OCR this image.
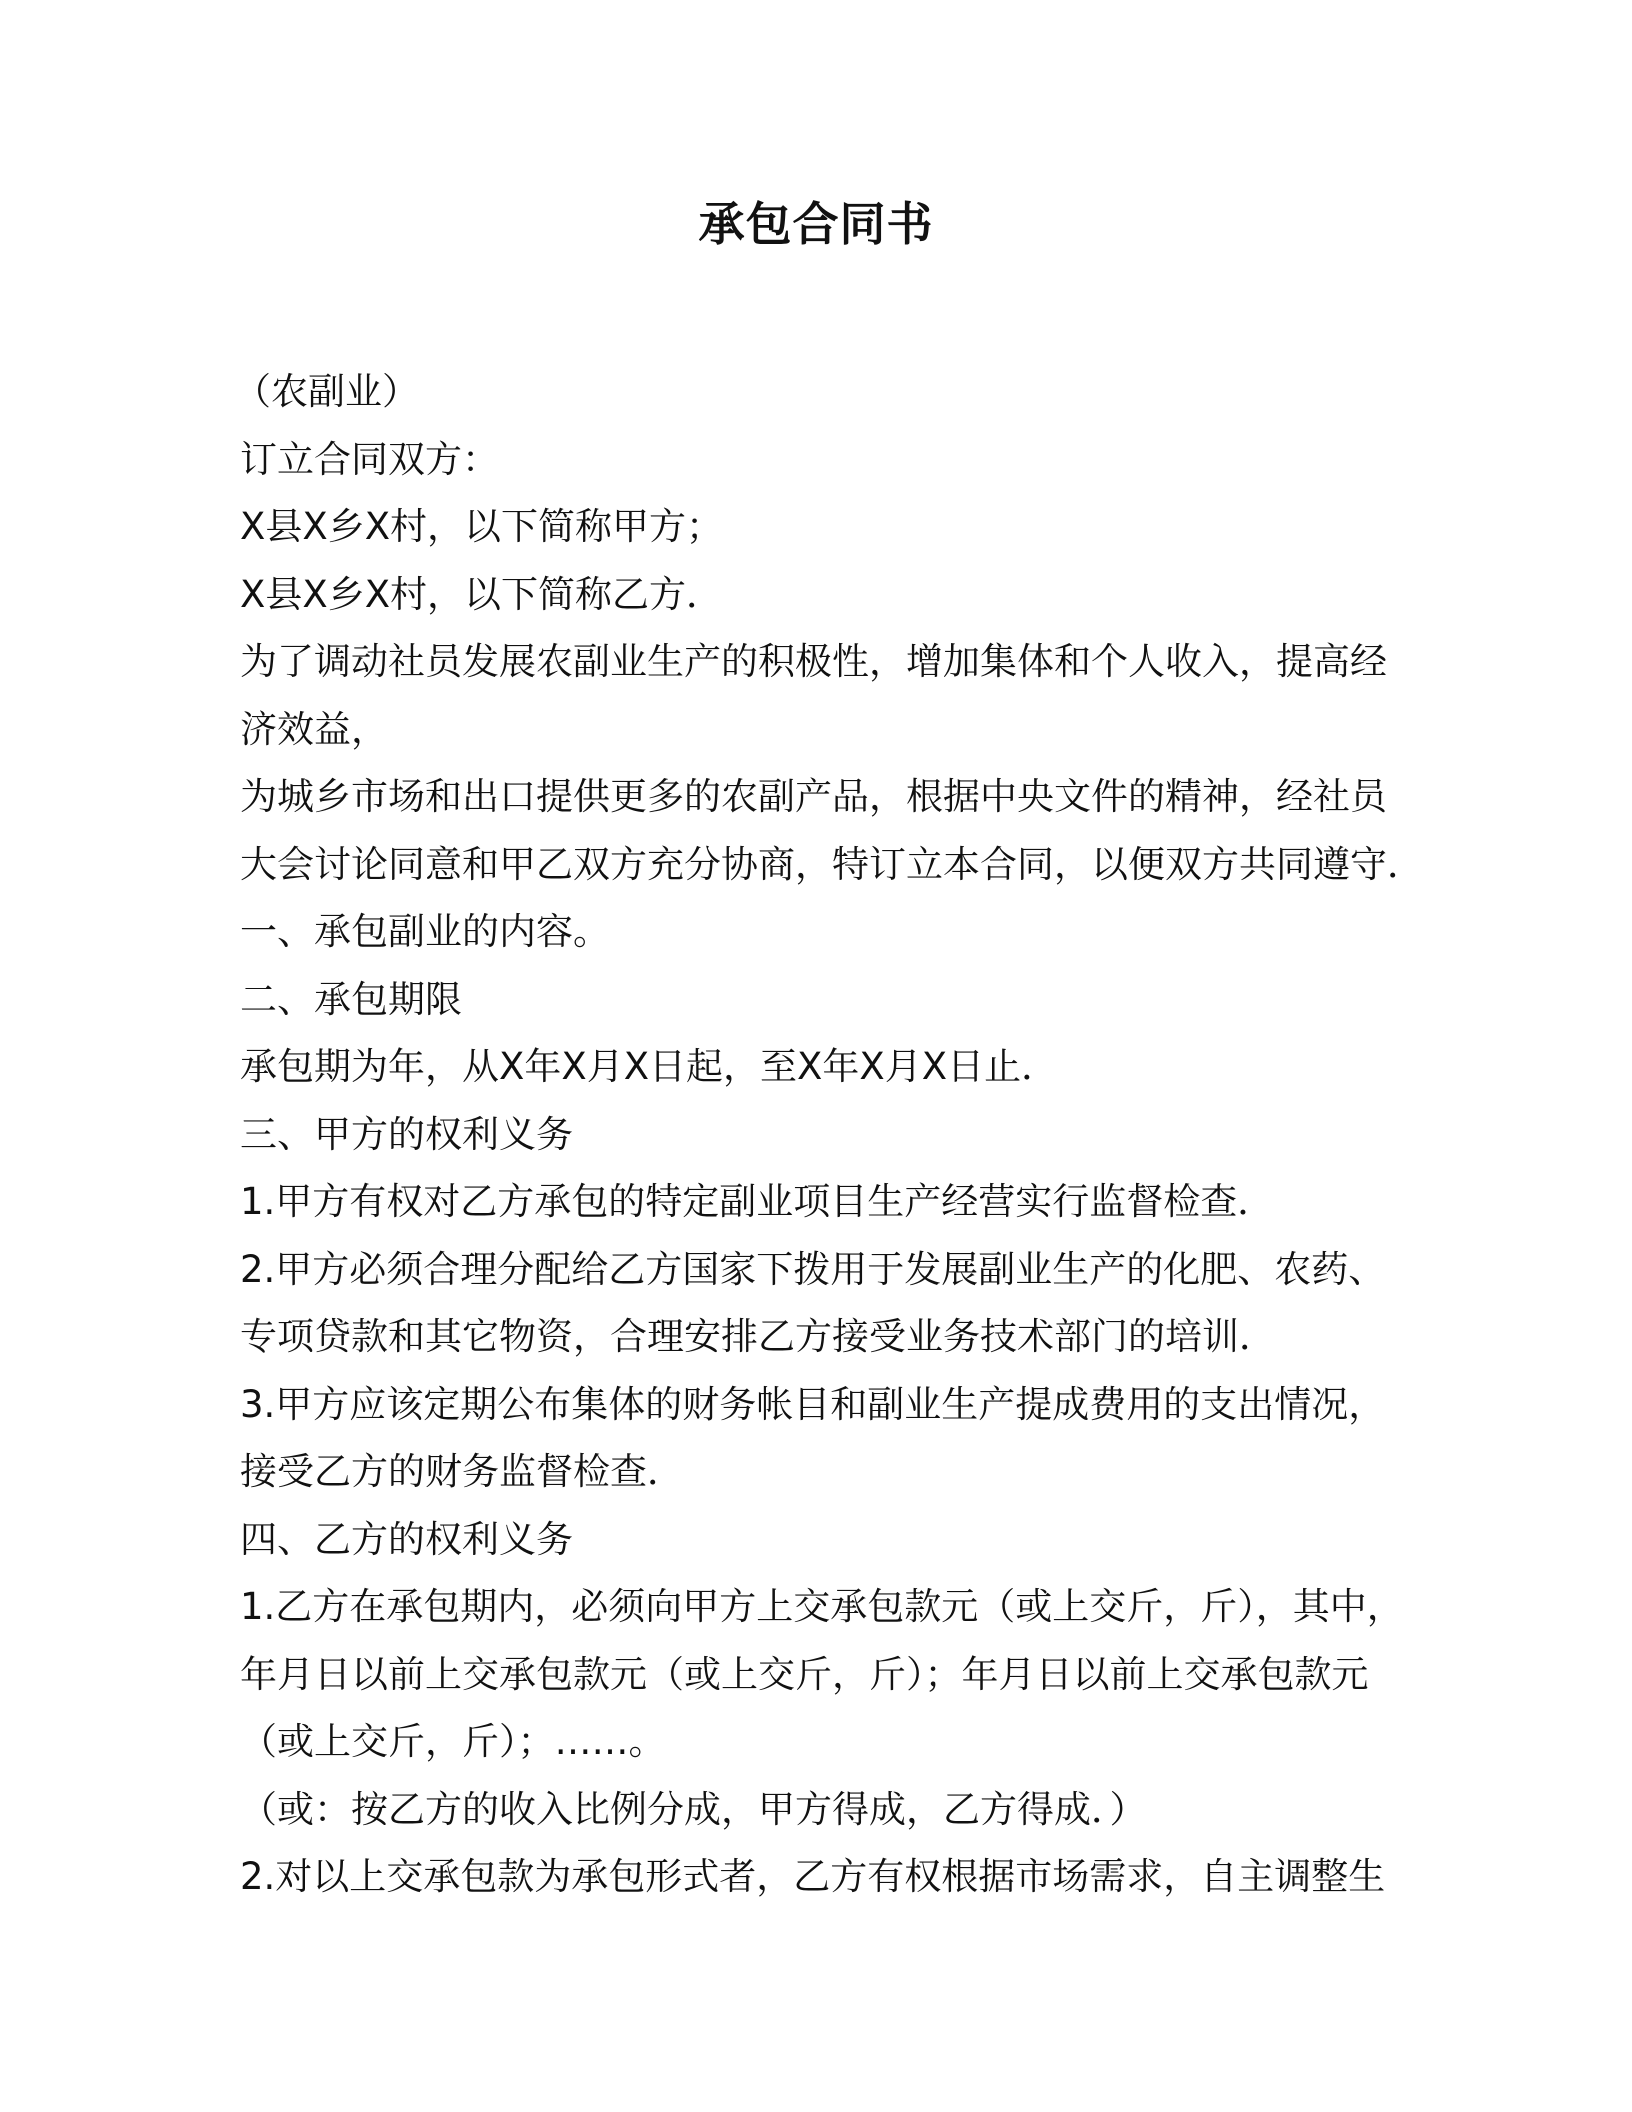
承包合同书
（农副业）
订立合同双方：
X县X乡X村，以下简称甲方；
X县X乡X村，以下简称乙方．
为了调动社员发展农副业生产的积极性，增加集体和个人收入，提高经
济效益，
为城乡市场和出口提供更多的农副产品，根据中央文件的精神，经社员
大会讨论同意和甲乙双方充分协商，特订立本合同，以便双方共同遵守．
一、承包副业的内容。
二、承包期限
承包期为年，从X年X月X日起，至X年X月X日止．
三、甲方的权利义务
1.甲方有权对乙方承包的特定副业项目生产经营实行监督检查．
2.甲方必须合理分配给乙方国家下拨用于发展副业生产的化肥、农药、
专项贷款和其它物资，合理安排乙方接受业务技术部门的培训．
3.甲方应该定期公布集体的财务帐目和副业生产提成费用的支出情况，
接受乙方的财务监督检查．
四、乙方的权利义务
1.乙方在承包期内，必须向甲方上交承包款元（或上交斤，斤），其中，
年月日以前上交承包款元（或上交斤，斤）；年月日以前上交承包款元
（或上交斤，斤）；……。
（或：按乙方的收入比例分成，甲方得成，乙方得成．）
2.对以上交承包款为承包形式者，乙方有权根据市场需求，自主调整生
